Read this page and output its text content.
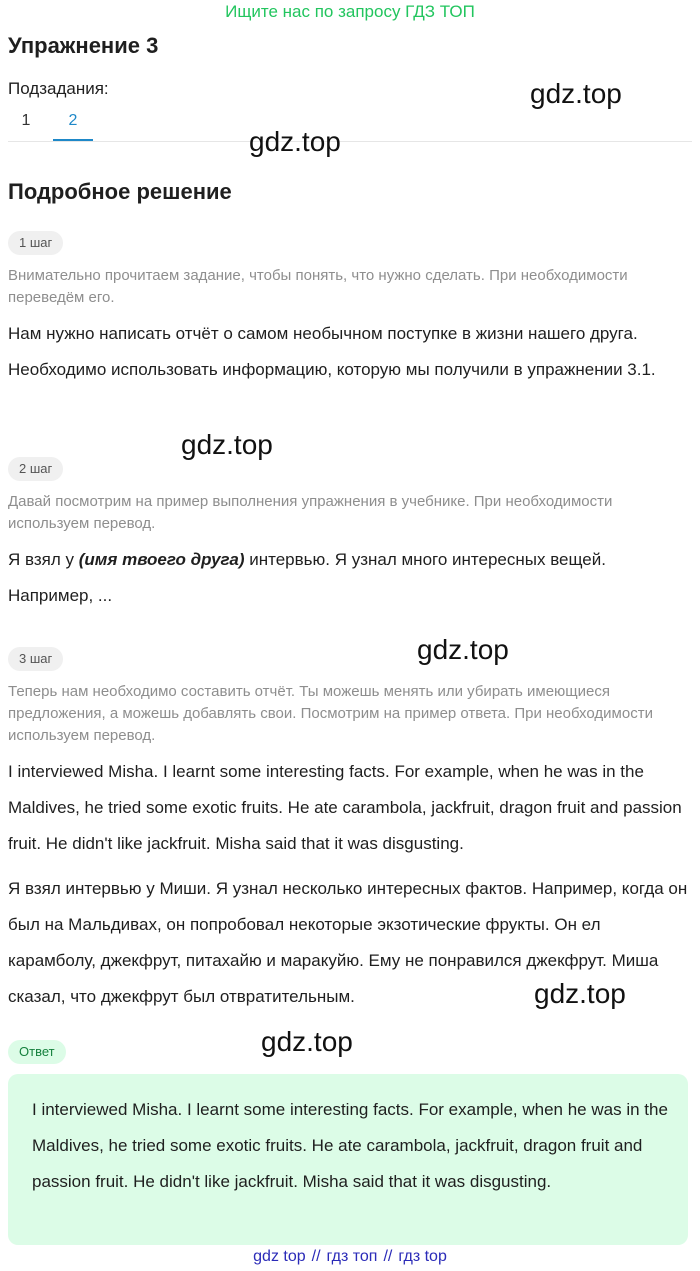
Ищите нас по запросу ГДЗ ТОП
Упражнение 3
Подзадания:
1	2
Подробное решение
1 шаг
Внимательно прочитаем задание, чтобы понять, что нужно сделать. При необходимости переведём его.
Нам нужно написать отчёт о самом необычном поступке в жизни нашего друга. Необходимо использовать информацию, которую мы получили в упражнении 3.1.
2 шаг
Давай посмотрим на пример выполнения упражнения в учебнике. При необходимости используем перевод.
Я взял у (имя твоего друга) интервью. Я узнал много интересных вещей. Например, ...
3 шаг
Теперь нам необходимо составить отчёт. Ты можешь менять или убирать имеющиеся предложения, а можешь добавлять свои. Посмотрим на пример ответа. При необходимости используем перевод.
I interviewed Misha. I learnt some interesting facts. For example, when he was in the Maldives, he tried some exotic fruits. He ate carambola, jackfruit, dragon fruit and passion fruit. He didn't like jackfruit. Misha said that it was disgusting.
Я взял интервью у Миши. Я узнал несколько интересных фактов. Например, когда он был на Мальдивах, он попробовал некоторые экзотические фрукты. Он ел карамболу, джекфрут, питахайю и маракуйю. Ему не понравился джекфрут. Миша сказал, что джекфрут был отвратительным.
Ответ
I interviewed Misha. I learnt some interesting facts. For example, when he was in the Maldives, he tried some exotic fruits. He ate carambola, jackfruit, dragon fruit and passion fruit. He didn't like jackfruit. Misha said that it was disgusting.
gdz.top
gdz.top
gdz.top
gdz.top
gdz.top
gdz.top
gdz top // гдз топ // гдз top
